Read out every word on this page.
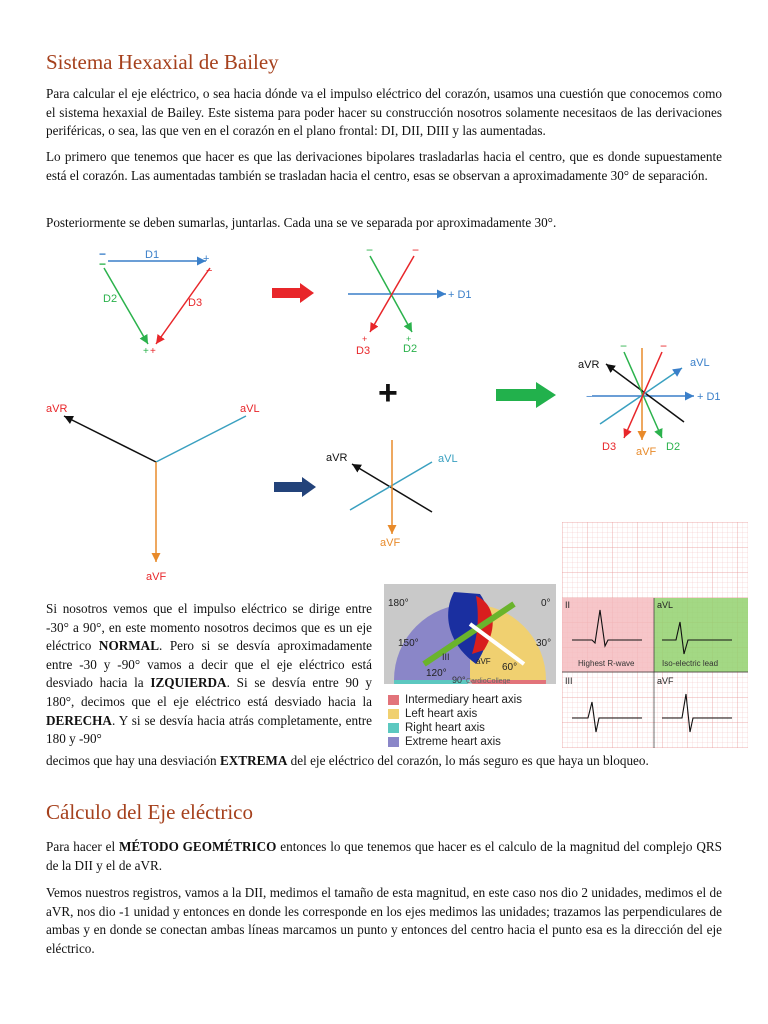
Sistema Hexaxial de Bailey

Para calcular el eje eléctrico, o sea hacia dónde va el impulso eléctrico del corazón, usamos una cuestión que conocemos como el sistema hexaxial de Bailey. Este sistema para poder hacer su construcción nosotros solamente necesitaos de las derivaciones periféricas, o sea, las que ven en el corazón en el plano frontal: DI, DII, DIII y las aumentadas.

Lo primero que tenemos que hacer es que las derivaciones bipolares trasladarlas hacia el centro, que es donde supuestamente está el corazón. Las aumentadas también se trasladan hacia el centro, esas se observan a aproximadamente 30° de separación.

Posteriormente se deben sumarlas, juntarlas. Cada una se ve separada por aproximadamente 30°.

D1
D2	D3
−
−	+
−
+ +
+ D1
−	−
+	+
D3	D2
+
aVR	aVL
aVF
aVR	aVL
aVF
aVR	aVL
+ D1
−
−	−
D3 aVF D2

Si nosotros vemos que el impulso eléctrico se dirige entre -30° a 90°, en este momento nosotros decimos que es un eje eléctrico NORMAL. Pero si se desvía aproximadamente entre -30 y -90° vamos a decir que el eje eléctrico está desviado hacia la IZQUIERDA. Si se desvía entre 90 y 180°, decimos que el eje eléctrico está desviado hacia la DERECHA. Y si se desvía hacia atrás completamente, entre 180 y -90°

decimos que hay una desviación EXTREMA del eje eléctrico del corazón, lo más seguro es que haya un bloqueo.

180°	0°
150°	30°
120°
60°
90° CardioCollege
III	aVF
Intermediary heart axis
Left heart axis
Right heart axis
Extreme heart axis
II	aVL
III	aVF
Highest R-wave	Iso-electric lead
Cálculo del Eje eléctrico

Para hacer el MÉTODO GEOMÉTRICO entonces lo que tenemos que hacer es el calculo de la magnitud del complejo QRS de la DII y el de aVR.

Vemos nuestros registros, vamos a la DII, medimos el tamaño de esta magnitud, en este caso nos dio 2 unidades, medimos el de aVR, nos dio -1 unidad y entonces en donde les corresponde en los ejes medimos las unidades; trazamos las perpendiculares de ambas y en donde se conectan ambas líneas marcamos un punto y entonces del centro hacia el punto esa es la dirección del eje eléctrico.
